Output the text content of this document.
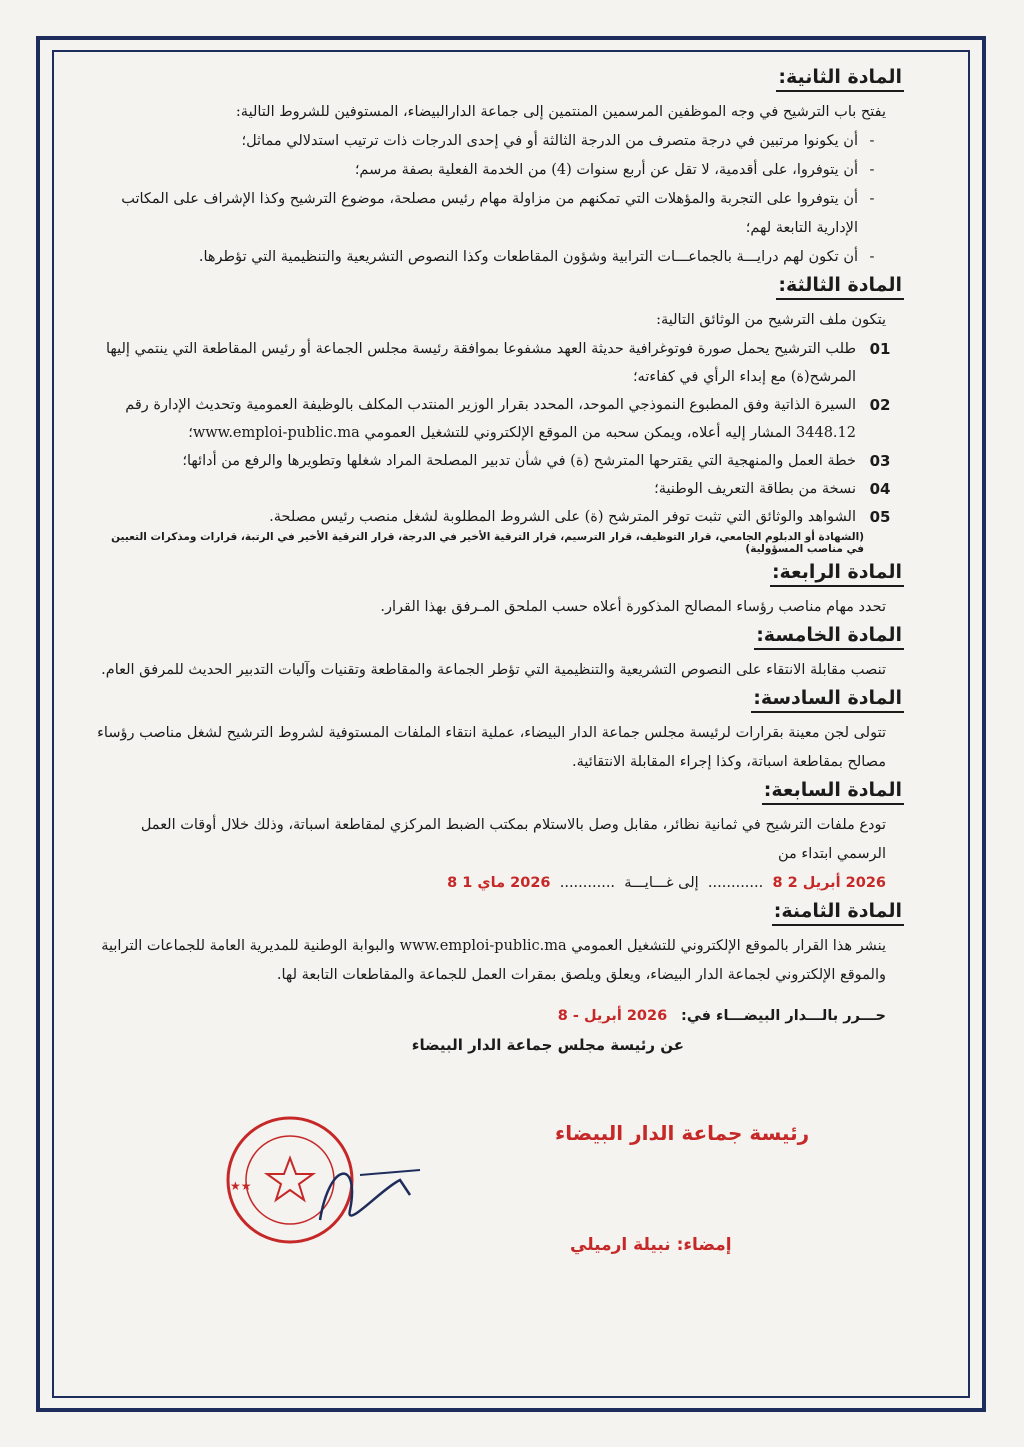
المادة الثانية:
يفتح باب الترشيح في وجه الموظفين المرسمين المنتمين إلى جماعة الدارالبيضاء، المستوفين للشروط التالية:
-
أن يكونوا مرتبين في درجة متصرف من الدرجة الثالثة أو في إحدى الدرجات ذات ترتيب استدلالي مماثل؛
-
أن يتوفروا، على أقدمية، لا تقل عن أربع سنوات (4) من الخدمة الفعلية بصفة مرسم؛
-
أن يتوفروا على التجربة والمؤهلات التي تمكنهم من مزاولة مهام رئيس مصلحة، موضوع الترشيح وكذا الإشراف على المكاتب الإدارية التابعة لهم؛
-
أن تكون لهم درايـــة بالجماعـــات الترابية وشؤون المقاطعات وكذا النصوص التشريعية والتنظيمية التي تؤطرها.
المادة الثالثة:
يتكون ملف الترشيح من الوثائق التالية:
01
طلب الترشيح يحمل صورة فوتوغرافية حديثة العهد مشفوعا بموافقة رئيسة مجلس الجماعة أو رئيس المقاطعة التي ينتمي إليها المرشح(ة) مع إبداء الرأي في كفاءته؛
02
السيرة الذاتية وفق المطبوع النموذجي الموحد، المحدد بقرار الوزير المنتدب المكلف بالوظيفة العمومية وتحديث الإدارة رقم 3448.12 المشار إليه أعلاه، ويمكن سحبه من الموقع الإلكتروني للتشغيل العمومي www.emploi-public.ma؛
03
خطة العمل والمنهجية التي يقترحها المترشح (ة) في شأن تدبير المصلحة المراد شغلها وتطويرها والرفع من أدائها؛
04
نسخة من بطاقة التعريف الوطنية؛
05
الشواهد والوثائق التي تثبت توفر المترشح (ة) على الشروط المطلوبة لشغل منصب رئيس مصلحة.
(الشهادة أو الدبلوم الجامعي، قرار التوظيف، قرار الترسيم، قرار الترقية الأخير في الدرجة، قرار الترقية الأخير في الرتبة، قرارات ومذكرات التعيين في مناصب المسؤولية)
المادة الرابعة:
تحدد مهام مناصب رؤساء المصالح المذكورة أعلاه حسب الملحق المـرفق بهذا القرار.
المادة الخامسة:
تنصب مقابلة الانتقاء على النصوص التشريعية والتنظيمية التي تؤطر الجماعة والمقاطعة وتقنيات وآليات التدبير الحديث للمرفق العام.
المادة السادسة:
تتولى لجن معينة بقرارات لرئيسة مجلس جماعة الدار البيضاء، عملية انتقاء الملفات المستوفية لشروط الترشيح لشغل مناصب رؤساء مصالح بمقاطعة اسباتة، وكذا إجراء المقابلة الانتقائية.
المادة السابعة:
تودع ملفات الترشيح في ثمانية نظائر، مقابل وصل بالاستلام بمكتب الضبط المركزي لمقاطعة اسباتة، وذلك خلال أوقات العمل الرسمي ابتداء من
2026 أبريل 2 8  ............  إلى غـــايـــة  ............  2026 ماي 1 8
المادة الثامنة:
ينشر هذا القرار بالموقع الإلكتروني للتشغيل العمومي www.emploi-public.ma والبوابة الوطنية للمديرية العامة للجماعات الترابية والموقع الإلكتروني لجماعة الدار البيضاء، ويعلق ويلصق بمقرات العمل للجماعة والمقاطعات التابعة لها.
حـــرر بالـــدار البيضـــاء في:   2026 أبريل - 8
عن رئيسة مجلس جماعة الدار البيضاء
★★
رئيسة جماعة الدار البيضاء
إمضاء: نبيلة ارميلي
